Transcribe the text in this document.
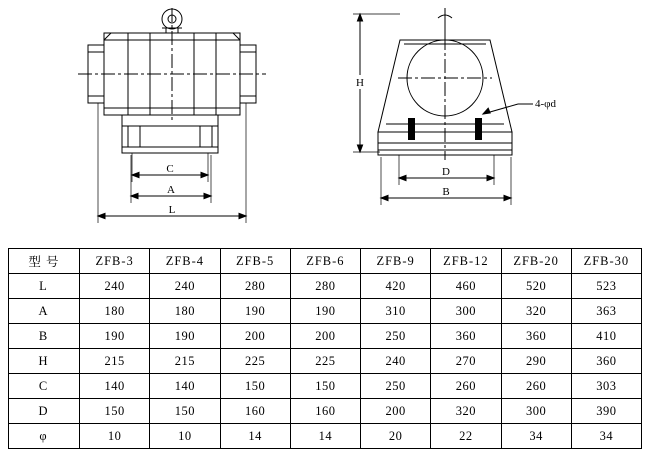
C
A
L
4-φd
H
D
B
型 号	ZFB-3	ZFB-4	ZFB-5	ZFB-6	ZFB-9	ZFB-12	ZFB-20	ZFB-30
L	240	240	280	280	420	460	520	523
A	180	180	190	190	310	300	320	363
B	190	190	200	200	250	360	360	410
H	215	215	225	225	240	270	290	360
C	140	140	150	150	250	260	260	303
D	150	150	160	160	200	320	300	390
φ	10	10	14	14	20	22	34	34
